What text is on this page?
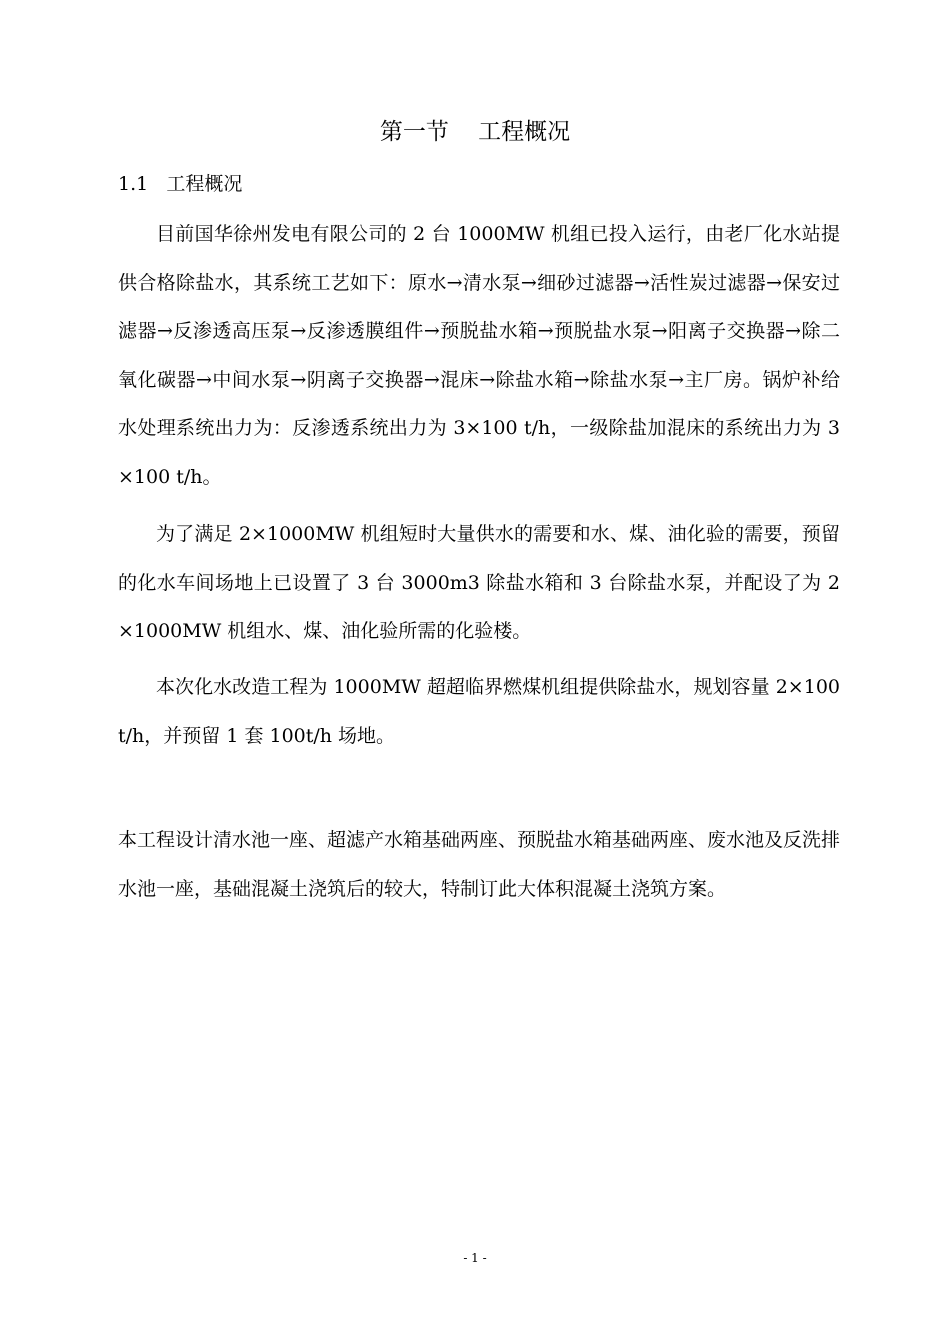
第一节    工程概况
1.1   工程概况

目前国华徐州发电有限公司的 2 台 1000MW 机组已投入运行，由老厂化水站提供合格除盐水，其系统工艺如下：原水→清水泵→细砂过滤器→活性炭过滤器→保安过滤器→反渗透高压泵→反渗透膜组件→预脱盐水箱→预脱盐水泵→阳离子交换器→除二氧化碳器→中间水泵→阴离子交换器→混床→除盐水箱→除盐水泵→主厂房。锅炉补给水处理系统出力为：反渗透系统出力为 3×100 t/h，一级除盐加混床的系统出力为 3×100 t/h。

为了满足 2×1000MW 机组短时大量供水的需要和水、煤、油化验的需要，预留的化水车间场地上已设置了 3 台 3000m3 除盐水箱和 3 台除盐水泵，并配设了为 2×1000MW 机组水、煤、油化验所需的化验楼。

本次化水改造工程为 1000MW 超超临界燃煤机组提供除盐水，规划容量 2×100t/h，并预留 1 套 100t/h 场地。

本工程设计清水池一座、超滤产水箱基础两座、预脱盐水箱基础两座、废水池及反洗排水池一座，基础混凝土浇筑后的较大，特制订此大体积混凝土浇筑方案。

- 1 -
